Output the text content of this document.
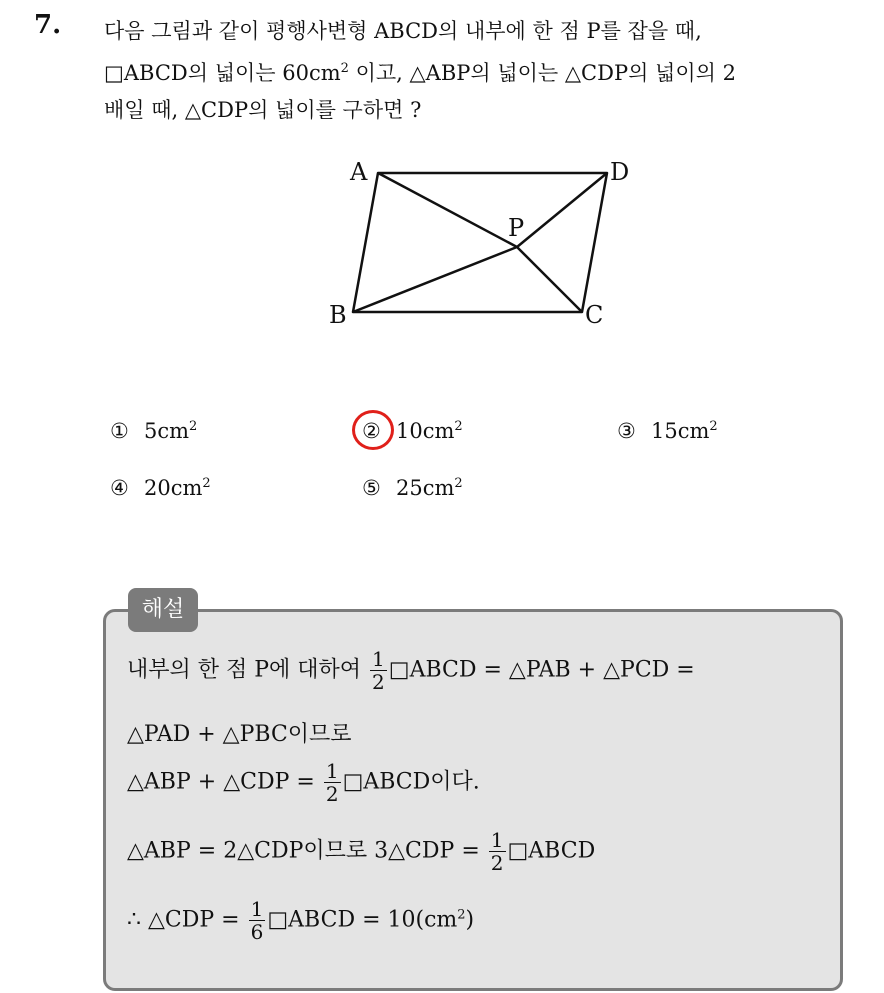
7. 다음 그림과 같이 평행사변형 ABCD의 내부에 한 점 P를 잡을 때,
□ABCD의 넓이는 $60cm^2$ 이고, △ABP의 넓이는 △CDP의 넓이의 2
배일 때, △CDP의 넓이를 구하면 ?
A	D
P
B	C
① $5cm^2$	② $10cm^2$	③ $15cm^2$
④ $20cm^2$	⑤ $25cm^2$
해설
내부의 한 점 P에 대하여 $\frac{1}{2}$ □ABCD = △PAB + △PCD =
△PAD + △PBC이므로
△ABP + △CDP = $\frac{1}{2}$ □ABCD이다.
△ABP = 2△CDP이므로 3△CDP = $\frac{1}{2}$ □ABCD
∴ △CDP = $\frac{1}{6}$ □ABCD = $10(cm^2)$
